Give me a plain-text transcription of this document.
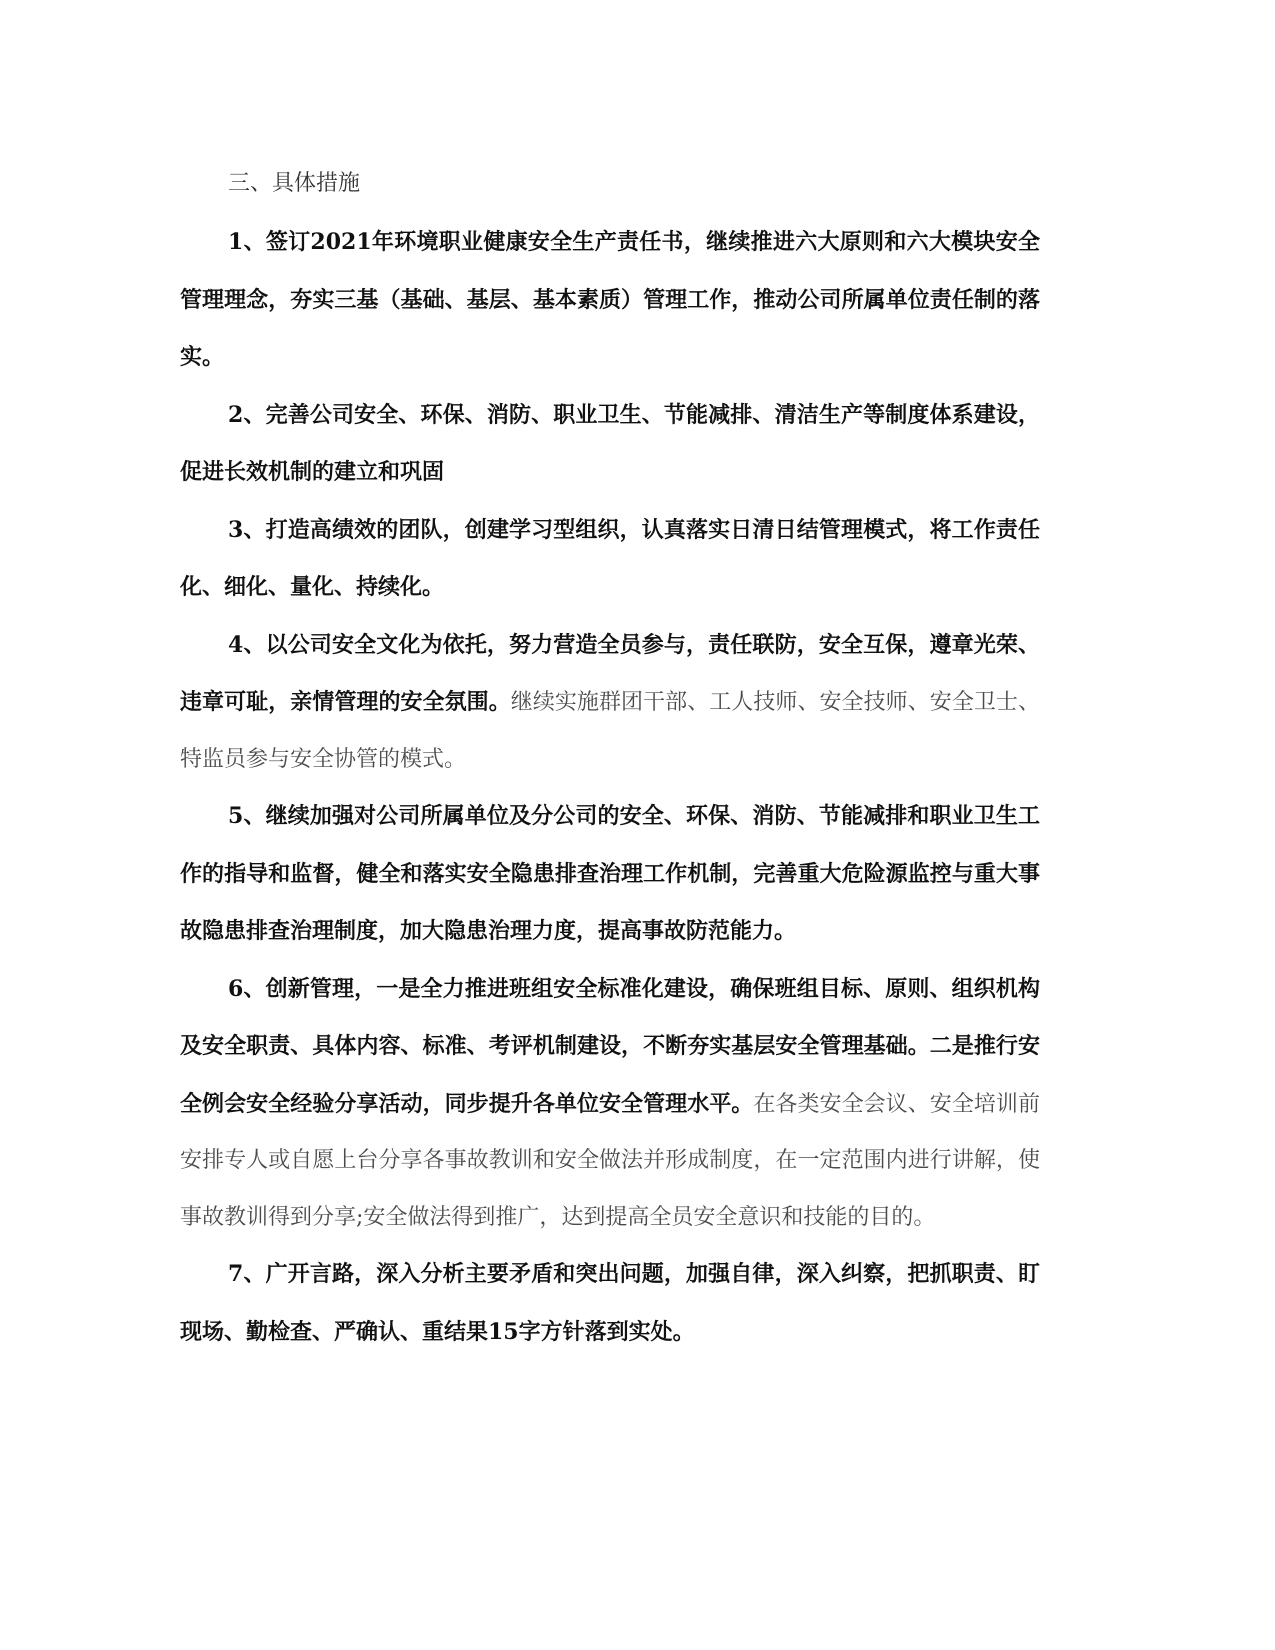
三、具体措施

1、签订2021年环境职业健康安全生产责任书，继续推进六大原则和六大模块安全管理理念，夯实三基（基础、基层、基本素质）管理工作，推动公司所属单位责任制的落实。

2、完善公司安全、环保、消防、职业卫生、节能减排、清洁生产等制度体系建设，促进长效机制的建立和巩固

3、打造高绩效的团队，创建学习型组织，认真落实日清日结管理模式，将工作责任化、细化、量化、持续化。

4、以公司安全文化为依托，努力营造全员参与，责任联防，安全互保，遵章光荣、违章可耻，亲情管理的安全氛围。继续实施群团干部、工人技师、安全技师、安全卫士、特监员参与安全协管的模式。

5、继续加强对公司所属单位及分公司的安全、环保、消防、节能减排和职业卫生工作的指导和监督，健全和落实安全隐患排查治理工作机制，完善重大危险源监控与重大事故隐患排查治理制度，加大隐患治理力度，提高事故防范能力。

6、创新管理，一是全力推进班组安全标准化建设，确保班组目标、原则、组织机构及安全职责、具体内容、标准、考评机制建设，不断夯实基层安全管理基础。二是推行安全例会安全经验分享活动，同步提升各单位安全管理水平。在各类安全会议、安全培训前安排专人或自愿上台分享各事故教训和安全做法并形成制度，在一定范围内进行讲解，使事故教训得到分享;安全做法得到推广，达到提高全员安全意识和技能的目的。

7、广开言路，深入分析主要矛盾和突出问题，加强自律，深入纠察，把抓职责、盯现场、勤检查、严确认、重结果15字方针落到实处。
